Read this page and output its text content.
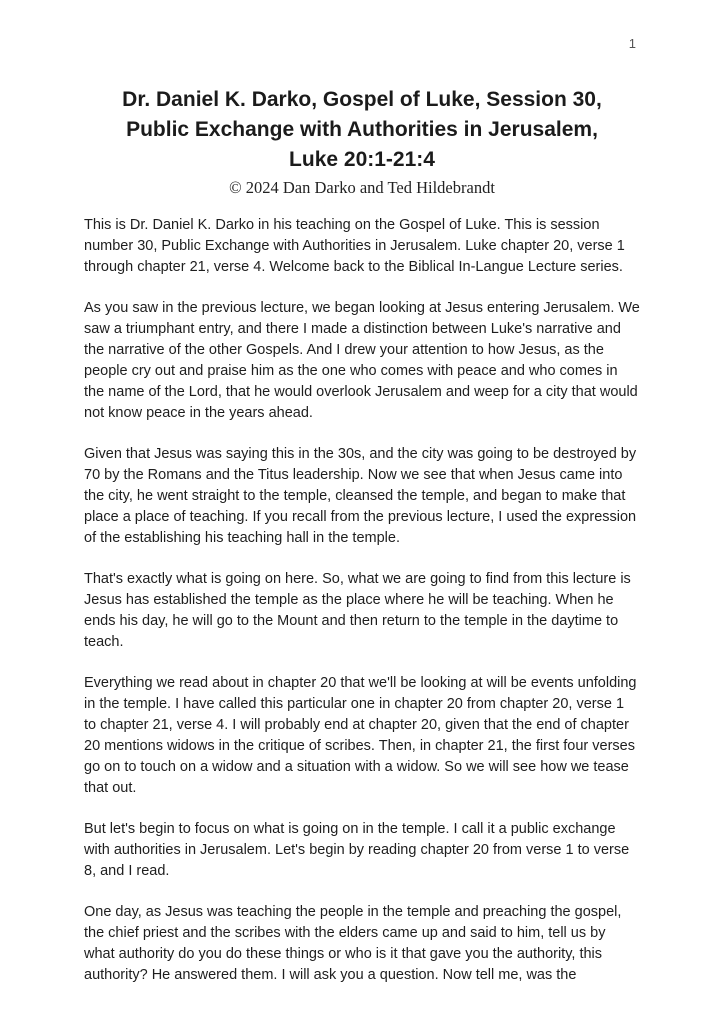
1
Dr. Daniel K. Darko, Gospel of Luke, Session 30,
Public Exchange with Authorities in Jerusalem,
Luke 20:1-21:4
© 2024 Dan Darko and Ted Hildebrandt

This is Dr. Daniel K. Darko in his teaching on the Gospel of Luke. This is session number 30, Public Exchange with Authorities in Jerusalem. Luke chapter 20, verse 1 through chapter 21, verse 4. Welcome back to the Biblical In-Langue Lecture series.

As you saw in the previous lecture, we began looking at Jesus entering Jerusalem. We saw a triumphant entry, and there I made a distinction between Luke's narrative and the narrative of the other Gospels. And I drew your attention to how Jesus, as the people cry out and praise him as the one who comes with peace and who comes in the name of the Lord, that he would overlook Jerusalem and weep for a city that would not know peace in the years ahead.

Given that Jesus was saying this in the 30s, and the city was going to be destroyed by 70 by the Romans and the Titus leadership. Now we see that when Jesus came into the city, he went straight to the temple, cleansed the temple, and began to make that place a place of teaching. If you recall from the previous lecture, I used the expression of the establishing his teaching hall in the temple.

That's exactly what is going on here. So, what we are going to find from this lecture is Jesus has established the temple as the place where he will be teaching. When he ends his day, he will go to the Mount and then return to the temple in the daytime to teach.

Everything we read about in chapter 20 that we'll be looking at will be events unfolding in the temple. I have called this particular one in chapter 20 from chapter 20, verse 1 to chapter 21, verse 4. I will probably end at chapter 20, given that the end of chapter 20 mentions widows in the critique of scribes. Then, in chapter 21, the first four verses go on to touch on a widow and a situation with a widow. So we will see how we tease that out.

But let's begin to focus on what is going on in the temple. I call it a public exchange with authorities in Jerusalem. Let's begin by reading chapter 20 from verse 1 to verse 8, and I read.

One day, as Jesus was teaching the people in the temple and preaching the gospel, the chief priest and the scribes with the elders came up and said to him, tell us by what authority do you do these things or who is it that gave you the authority, this authority? He answered them. I will ask you a question. Now tell me, was the
